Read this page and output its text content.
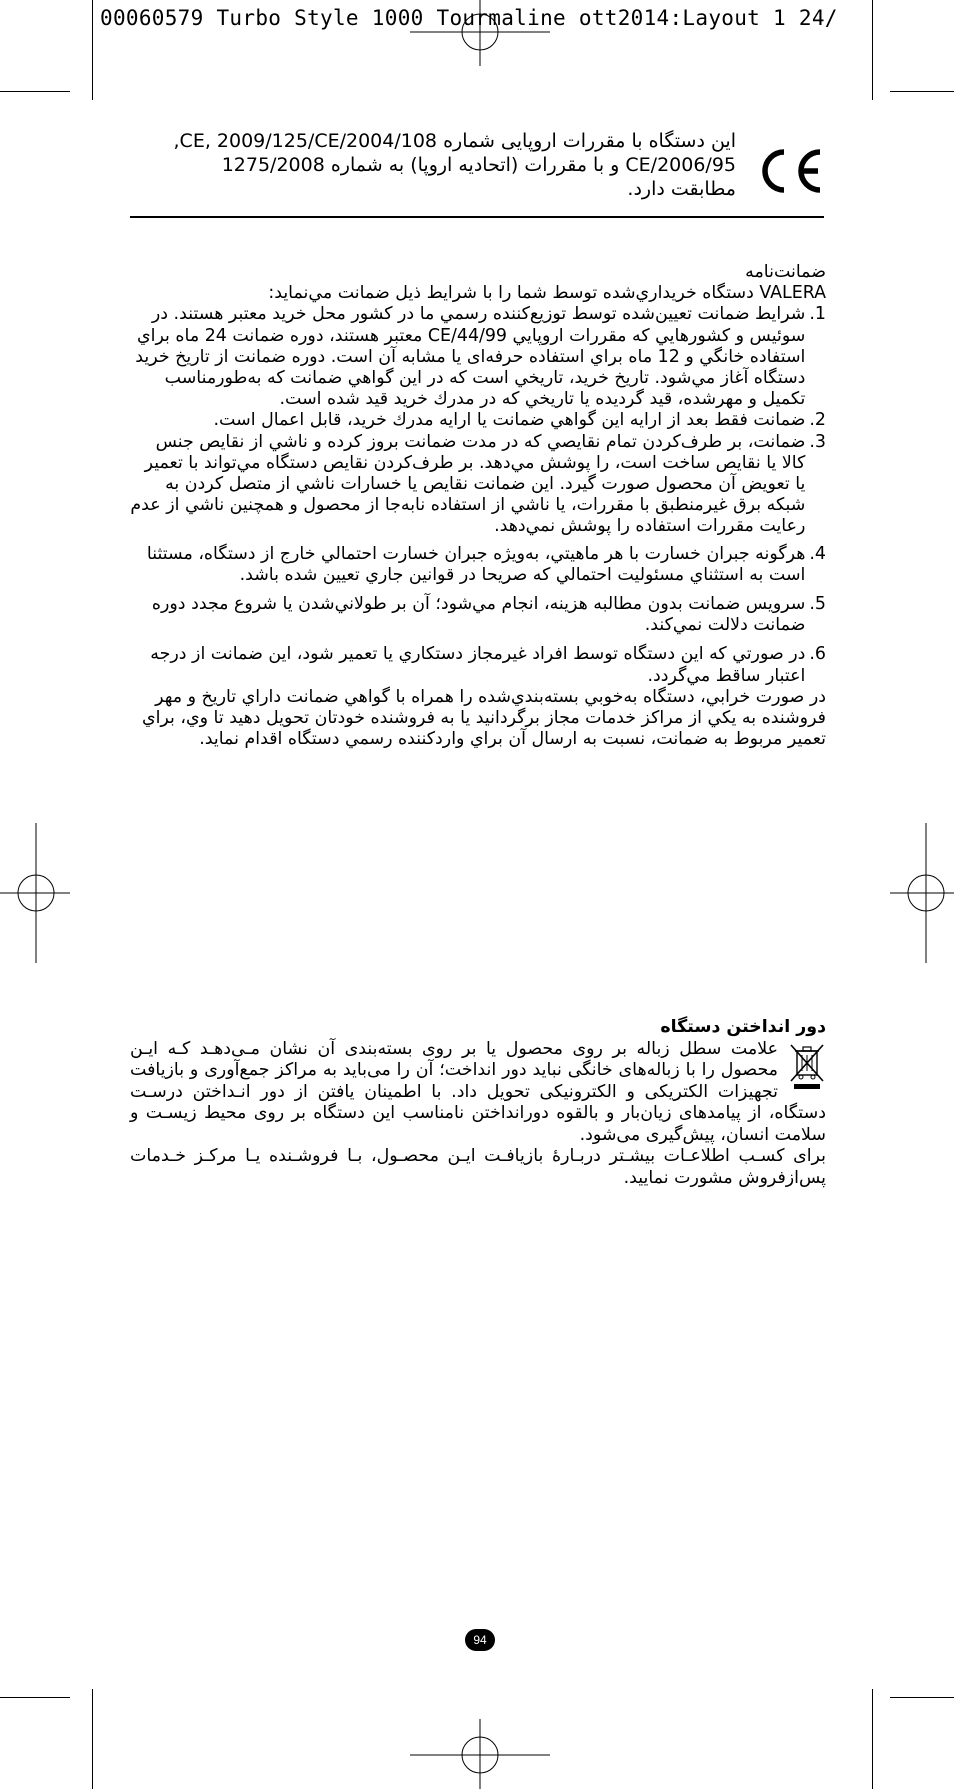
00060579 Turbo Style 1000 Tourmaline ott2014:Layout 1 24/
این دستگاه با مقررات اروپایی شماره 2004/108/CE, 2009/125/CE,
2006/95/CE و با مقررات (اتحادیه اروپا) به شماره 1275/2008
مطابقت دارد.

ضمانت‌نامه

VALERA دستگاه خريداري‌شده توسط شما را با شرايط ذيل ضمانت مي‌نمايد:

1.
شرايط ضمانت تعيين‌شده توسط توزيع‌كننده رسمي ما در كشور محل خريد معتبر هستند. در سوئيس و كشورهايي كه مقررات اروپايي 44/99/CE معتبر هستند، دوره ضمانت 24 ماه براي استفاده خانگي و 12 ماه براي استفاده حرفه‌ای يا مشابه آن است. دوره ضمانت از تاريخ خريد دستگاه آغاز مي‌شود. تاريخ خريد، تاريخي است كه در اين گواهي ضمانت كه به‌طورمناسب تكميل و مهرشده، قيد گرديده يا تاريخي كه در مدرك خريد قيد شده است.
2.
ضمانت فقط بعد از ارايه اين گواهي ضمانت يا ارايه مدرك خريد، قابل اعمال است.
3.
ضمانت، بر طرف‌كردن تمام نقايصي كه در مدت ضمانت بروز كرده و ناشي از نقايص جنس كالا يا نقايص ساخت است، را پوشش مي‌دهد. بر طرف‌كردن نقايص دستگاه مي‌تواند با تعمير يا تعويض آن محصول صورت گيرد. اين ضمانت نقايص يا خسارات ناشي از متصل كردن به شبكه برق غيرمنطبق با مقررات، يا ناشي از استفاده نابه‌جا از محصول و همچنين ناشي از عدم رعايت مقررات استفاده را پوشش نمي‌دهد.
4.
هرگونه جبران خسارت با هر ماهيتي، به‌ويژه جبران خسارت احتمالي خارج از دستگاه، مستثنا است به استثناي مسئوليت احتمالي كه صريحا در قوانين جاري تعيين شده باشد.
5.
سرويس ضمانت بدون مطالبه هزينه، انجام مي‌شود؛ آن بر طولاني‌شدن يا شروع مجدد دوره ضمانت دلالت نمي‌كند.
6.
در صورتي كه اين دستگاه توسط افراد غيرمجاز دستكاري يا تعمير شود، اين ضمانت از درجه اعتبار ساقط مي‌گردد.

در صورت خرابي، دستگاه به‌خوبي بسته‌بندي‌شده را همراه با گواهي ضمانت داراي تاريخ و مهر فروشنده به يكي از مراكز خدمات مجاز برگردانيد يا به فروشنده خودتان تحويل دهيد تا وي، براي تعمير مربوط به ضمانت، نسبت به ارسال آن براي واردكننده رسمي دستگاه اقدام نمايد.

دور انداختن دستگاه

علامت سطل زباله بر روی محصول یا بر روی بسته‌بندی آن نشان مـی‌دهـد کـه ایـن محصول را با زباله‌های خانگی نباید دور انداخت؛ آن را می‌باید به مراکز جمع‌آوری و بازیافت تجهیزات الکتریکی و الکترونیکی تحویل داد. با اطمینان یافتن از دور انـداختن درسـت دستگاه، از پیامدهای زیان‌بار و بالقوه دورانداختن نامناسب این دستگاه بر روی محیط زیسـت و سلامت انسان، پیش‌گیری می‌شود.

برای کسـب اطلاعـات بیشـتر دربـارۀ بازیافـت ایـن محصـول، بـا فروشـنده یـا مرکـز خـدمات پس‌ازفروش مشورت نمایید.

94
